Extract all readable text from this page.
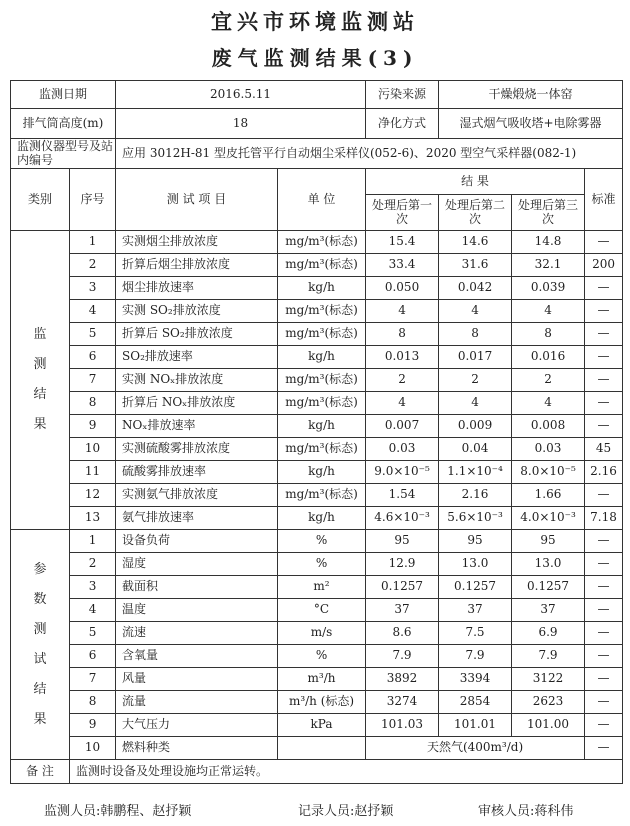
宜兴市环境监测站
废气监测结果(3)
监测日期		2016.5.11		污染来源	干燥煅烧一体窑		
排气筒高度(m)		18		净化方式	湿式烟气吸收塔+电除雾器		
监测仪器型号及站内编号		应用 3012H-81 型皮托管平行自动烟尘采样仪(052-6)、2020 型空气采样器(082-1)					
类别	序号	测 试 项 目	单 位	结 果			标准
				处理后第一次	处理后第二次	处理后第三次	
监测结果	1	实测烟尘排放浓度	mg/m³(标态)	15.4	14.6	14.8	—
	2	折算后烟尘排放浓度	mg/m³(标态)	33.4	31.6	32.1	200
	3	烟尘排放速率	kg/h	0.050	0.042	0.039	—
	4	实测 SO₂排放浓度	mg/m³(标态)	4	4	4	—
	5	折算后 SO₂排放浓度	mg/m³(标态)	8	8	8	—
	6	SO₂排放速率	kg/h	0.013	0.017	0.016	—
	7	实测 NOₓ排放浓度	mg/m³(标态)	2	2	2	—
	8	折算后 NOₓ排放浓度	mg/m³(标态)	4	4	4	—
	9	NOₓ排放速率	kg/h	0.007	0.009	0.008	—
	10	实测硫酸雾排放浓度	mg/m³(标态)	0.03	0.04	0.03	45
	11	硫酸雾排放速率	kg/h	9.0×10⁻⁵	1.1×10⁻⁴	8.0×10⁻⁵	2.16
	12	实测氨气排放浓度	mg/m³(标态)	1.54	2.16	1.66	—
	13	氨气排放速率	kg/h	4.6×10⁻³	5.6×10⁻³	4.0×10⁻³	7.18
参数测试结果	1	设备负荷	%	95	95	95	—
	2	湿度	%	12.9	13.0	13.0	—
	3	截面积	m²	0.1257	0.1257	0.1257	—
	4	温度	°C	37	37	37	—
	5	流速	m/s	8.6	7.5	6.9	—
	6	含氧量	%	7.9	7.9	7.9	—
	7	风量	m³/h	3892	3394	3122	—
	8	流量	m³/h (标态)	3274	2854	2623	—
	9	大气压力	kPa	101.03	101.01	101.00	—
	10	燃料种类		天然气(400m³/d)			—
备 注	监测时设备及处理设施均正常运转。						
监测人员:韩鹏程、赵抒颖	记录人员:赵抒颖	审核人员:蒋科伟
